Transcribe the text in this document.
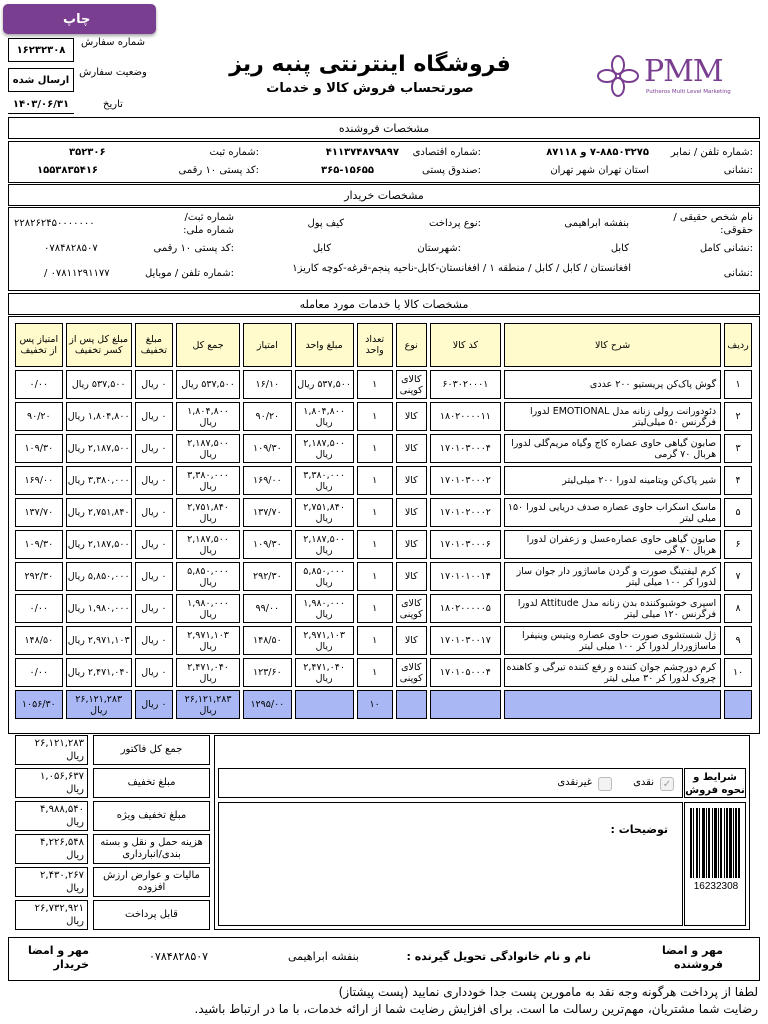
چاپ
۱۶۲۳۲۳۰۸
شماره سفارش
ارسال شده
وضعیت سفارش
۱۴۰۳/۰۶/۳۱	تاریخ
فروشگاه اینترنتی پنبه ریز
صورتحساب فروش کالا و خدمات	PMM
Putheros Multi Level Marketing
مشخصات فروشنده
شماره تلفن / نمابر:
۷-۸۸۵۰۳۲۷۵ و ۸۷۱۱۸
شماره اقتصادی:
۴۱۱۳۷۴۸۷۹۸۹۷
شماره ثبت:
۳۵۲۳۰۶
نشانی:
استان تهران شهر تهران
صندوق پستی:
۳۶۵-۱۵۶۵۵
کد پستی ۱۰ رقمی:
۱۵۵۳۸۳۵۴۱۶
مشخصات خریدار
نام شخص حقیقی / حقوقی:
بنفشه ابراهیمی
نوع پرداخت:
کیف پول
شماره ثبت/شماره ملی:
۲۲۸۲۶۲۴۵۰۰۰۰۰۰۰
نشانی کامل:
کابل
شهرستان:
کابل
کد پستی ۱۰ رقمی:
۰۷۸۴۸۲۸۵۰۷
نشانی:
افغانستان / کابل / کابل / منطقه ۱ / افغانستان-کابل-ناحیه پنجم-قرغه-کوچه کاریز۱
شماره تلفن / موبایل:
۰۷۸۱۱۲۹۱۱۷۷ /
مشخصات کالا یا خدمات مورد معامله
ردیف	شرح کالا	کد کالا	نوع	تعداد واحد	مبلغ واحد	امتیاز	جمع کل	مبلغ تخفیف	مبلغ کل پس از کسر تخفیف	امتیاز پس از تخفیف
۱	گوش پاک‌کن پریستیو ۲۰۰ عددی	۶۰۳۰۲۰۰۰۱	کالای کوپنی	۱	۵۳۷,۵۰۰ ریال	۱۶/۱۰	۵۳۷,۵۰۰ ریال	۰ ریال	۵۳۷,۵۰۰ ریال	۰/۰۰
۲	دئودورانت رولی زنانه مدل EMOTIONAL لدورا فرگرنس ۵۰ میلی‌لیتر	۱۸۰۲۰۰۰۰۱۱	کالا	۱	۱,۸۰۴,۸۰۰ ریال	۹۰/۲۰	۱,۸۰۴,۸۰۰ ریال	۰ ریال	۱,۸۰۴,۸۰۰ ریال	۹۰/۲۰
۳	صابون گیاهی حاوی عصاره کاج وگیاه مریم‌گلی لدورا هربال ۷۰ گرمی	۱۷۰۱۰۳۰۰۰۴	کالا	۱	۲,۱۸۷,۵۰۰ ریال	۱۰۹/۳۰	۲,۱۸۷,۵۰۰ ریال	۰ ریال	۲,۱۸۷,۵۰۰ ریال	۱۰۹/۳۰
۴	شیر پاک‌کن ویتامینه لدورا ۲۰۰ میلی‌لیتر	۱۷۰۱۰۳۰۰۰۲	کالا	۱	۳,۳۸۰,۰۰۰ ریال	۱۶۹/۰۰	۳,۳۸۰,۰۰۰ ریال	۰ ریال	۳,۳۸۰,۰۰۰ ریال	۱۶۹/۰۰
۵	ماسک اسکراب حاوی عصاره صدف دریایی لدورا ۱۵۰ میلی لیتر	۱۷۰۱۰۲۰۰۰۲	کالا	۱	۲,۷۵۱,۸۴۰ ریال	۱۳۷/۷۰	۲,۷۵۱,۸۴۰ ریال	۰ ریال	۲,۷۵۱,۸۴۰ ریال	۱۳۷/۷۰
۶	صابون گیاهی حاوی عصاره‌عسل و زعفران لدورا هربال ۷۰ گرمی	۱۷۰۱۰۳۰۰۰۶	کالا	۱	۲,۱۸۷,۵۰۰ ریال	۱۰۹/۳۰	۲,۱۸۷,۵۰۰ ریال	۰ ریال	۲,۱۸۷,۵۰۰ ریال	۱۰۹/۳۰
۷	کرم لیفتینگ صورت و گردن ماساژور دار جوان ساز لدورا کر ۱۰۰ میلی لیتر	۱۷۰۱۰۱۰۰۱۴	کالا	۱	۵,۸۵۰,۰۰۰ ریال	۲۹۲/۳۰	۵,۸۵۰,۰۰۰ ریال	۰ ریال	۵,۸۵۰,۰۰۰ ریال	۲۹۲/۳۰
۸	اسپری خوشبوکننده بدن زنانه مدل Attitude لدورا فرگرنس ۱۲۰ میلی لیتر	۱۸۰۲۰۰۰۰۰۵	کالای کوپنی	۱	۱,۹۸۰,۰۰۰ ریال	۹۹/۰۰	۱,۹۸۰,۰۰۰ ریال	۰ ریال	۱,۹۸۰,۰۰۰ ریال	۰/۰۰
۹	ژل شستشوی صورت حاوی عصاره ویتیس وینیفرا ماساژوردار لدورا کر ۱۰۰ میلی لیتر	۱۷۰۱۰۳۰۰۱۷	کالا	۱	۲,۹۷۱,۱۰۳ ریال	۱۴۸/۵۰	۲,۹۷۱,۱۰۳ ریال	۰ ریال	۲,۹۷۱,۱۰۳ ریال	۱۴۸/۵۰
۱۰	کرم دورچشم جوان کننده و رفع کننده تیرگی و کاهنده چروک لدورا کر ۳۰ میلی لیتر	۱۷۰۱۰۵۰۰۰۴	کالای کوپنی	۱	۲,۴۷۱,۰۴۰ ریال	۱۲۳/۶۰	۲,۴۷۱,۰۴۰ ریال	۰ ریال	۲,۴۷۱,۰۴۰ ریال	۰/۰۰
				۱۰		۱۲۹۵/۰۰	۲۶,۱۲۱,۲۸۳ ریال	۰ ریال	۲۶,۱۲۱,۲۸۳ ریال	۱۰۵۶/۳۰
۲۶,۱۲۱,۲۸۳ ریال
جمع کل فاکتور
۱,۰۵۶,۶۳۷ ریال
مبلغ تخفیف
۴,۹۸۸,۵۴۰ ریال
مبلغ تخفیف ویژه
۴,۲۲۶,۵۴۸ ریال
هزینه حمل و نقل و بسته بندی/انبارداری
۲,۴۳۰,۲۶۷ ریال
مالیات و عوارض ارزش افزوده
۲۶,۷۳۲,۹۲۱ ریال
قابل پرداخت
شرایط و نحوه فروش
✓
نقدی
غیرنقدی
توضیحات :
16232308
مهر و امضا فروشنده
نام و نام خانوادگی تحویل گیرنده :
بنفشه ابراهیمی
۰۷۸۴۸۲۸۵۰۷
مهر و امضا خریدار
لطفا از پرداخت هرگونه وجه نقد به مامورین پست جدا خودداری نمایید (پست پیشتاز)
رضایت شما مشتریان، مهم‌ترین رسالت ما است. برای افزایش رضایت شما از ارائه خدمات، با ما در ارتباط باشید.
